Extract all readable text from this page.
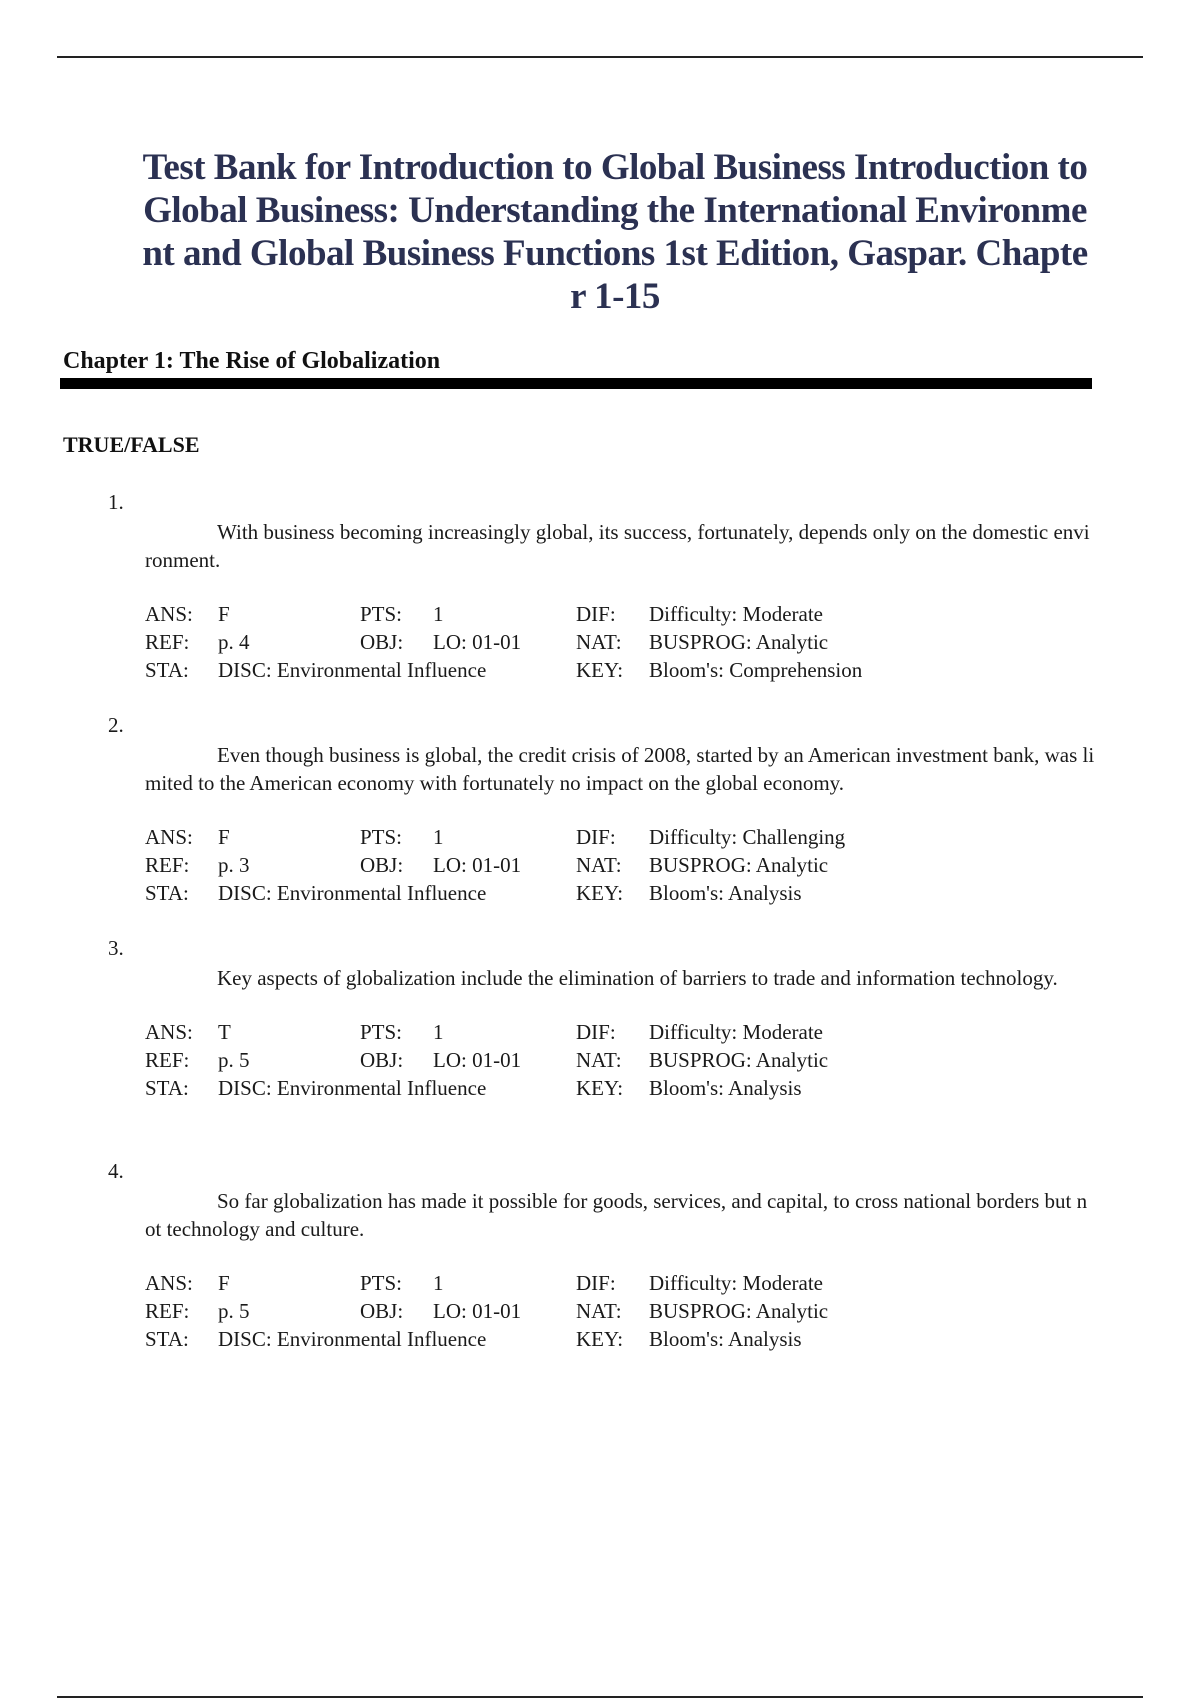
Test Bank for Introduction to Global Business Introduction to Global Business: Understanding the International Environment and Global Business Functions 1st Edition, Gaspar. Chapter 1-15
Chapter 1: The Rise of Globalization
TRUE/FALSE
1.
With business becoming increasingly global, its success, fortunately, depends only on the domestic environment.
ANS:	F	PTS:	1	DIF:	Difficulty: Moderate
REF:	p. 4	OBJ:	LO: 01-01	NAT:	BUSPROG: Analytic
STA:	DISC: Environmental Influence			KEY:	Bloom's: Comprehension
2.
Even though business is global, the credit crisis of 2008, started by an American investment bank, was limited to the American economy with fortunately no impact on the global economy.
ANS:	F	PTS:	1	DIF:	Difficulty: Challenging
REF:	p. 3	OBJ:	LO: 01-01	NAT:	BUSPROG: Analytic
STA:	DISC: Environmental Influence			KEY:	Bloom's: Analysis
3.
Key aspects of globalization include the elimination of barriers to trade and information technology.
ANS:	T	PTS:	1	DIF:	Difficulty: Moderate
REF:	p. 5	OBJ:	LO: 01-01	NAT:	BUSPROG: Analytic
STA:	DISC: Environmental Influence			KEY:	Bloom's: Analysis
4.
So far globalization has made it possible for goods, services, and capital, to cross national borders but not technology and culture.
ANS:	F	PTS:	1	DIF:	Difficulty: Moderate
REF:	p. 5	OBJ:	LO: 01-01	NAT:	BUSPROG: Analytic
STA:	DISC: Environmental Influence			KEY:	Bloom's: Analysis
